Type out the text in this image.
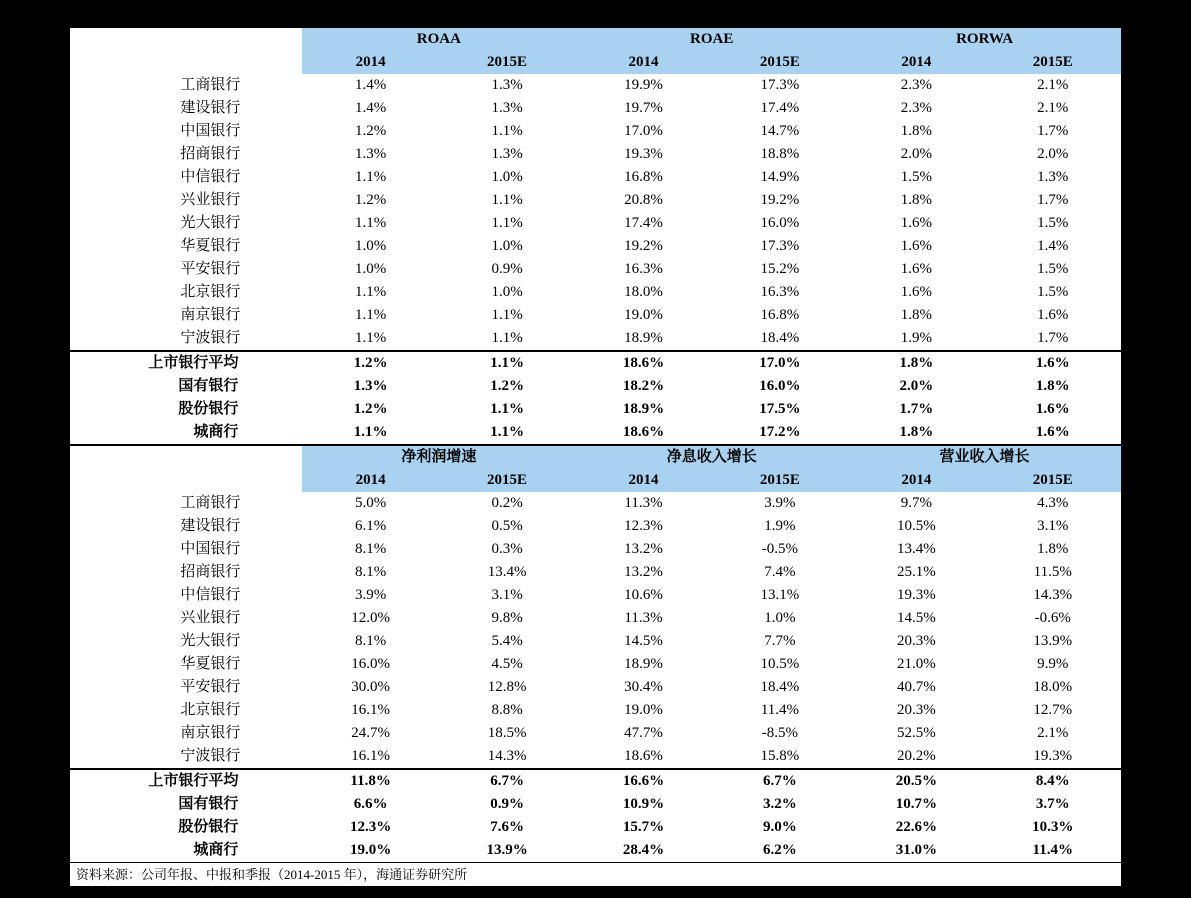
	ROAA		ROAE		RORWA	
	2014	2015E	2014	2015E	2014	2015E
工商银行	1.4%	1.3%	19.9%	17.3%	2.3%	2.1%
建设银行	1.4%	1.3%	19.7%	17.4%	2.3%	2.1%
中国银行	1.2%	1.1%	17.0%	14.7%	1.8%	1.7%
招商银行	1.3%	1.3%	19.3%	18.8%	2.0%	2.0%
中信银行	1.1%	1.0%	16.8%	14.9%	1.5%	1.3%
兴业银行	1.2%	1.1%	20.8%	19.2%	1.8%	1.7%
光大银行	1.1%	1.1%	17.4%	16.0%	1.6%	1.5%
华夏银行	1.0%	1.0%	19.2%	17.3%	1.6%	1.4%
平安银行	1.0%	0.9%	16.3%	15.2%	1.6%	1.5%
北京银行	1.1%	1.0%	18.0%	16.3%	1.6%	1.5%
南京银行	1.1%	1.1%	19.0%	16.8%	1.8%	1.6%
宁波银行	1.1%	1.1%	18.9%	18.4%	1.9%	1.7%
上市银行平均	1.2%	1.1%	18.6%	17.0%	1.8%	1.6%
国有银行	1.3%	1.2%	18.2%	16.0%	2.0%	1.8%
股份银行	1.2%	1.1%	18.9%	17.5%	1.7%	1.6%
城商行	1.1%	1.1%	18.6%	17.2%	1.8%	1.6%
	净利润增速		净息收入增长		营业收入增长	
	2014	2015E	2014	2015E	2014	2015E
工商银行	5.0%	0.2%	11.3%	3.9%	9.7%	4.3%
建设银行	6.1%	0.5%	12.3%	1.9%	10.5%	3.1%
中国银行	8.1%	0.3%	13.2%	-0.5%	13.4%	1.8%
招商银行	8.1%	13.4%	13.2%	7.4%	25.1%	11.5%
中信银行	3.9%	3.1%	10.6%	13.1%	19.3%	14.3%
兴业银行	12.0%	9.8%	11.3%	1.0%	14.5%	-0.6%
光大银行	8.1%	5.4%	14.5%	7.7%	20.3%	13.9%
华夏银行	16.0%	4.5%	18.9%	10.5%	21.0%	9.9%
平安银行	30.0%	12.8%	30.4%	18.4%	40.7%	18.0%
北京银行	16.1%	8.8%	19.0%	11.4%	20.3%	12.7%
南京银行	24.7%	18.5%	47.7%	-8.5%	52.5%	2.1%
宁波银行	16.1%	14.3%	18.6%	15.8%	20.2%	19.3%
上市银行平均	11.8%	6.7%	16.6%	6.7%	20.5%	8.4%
国有银行	6.6%	0.9%	10.9%	3.2%	10.7%	3.7%
股份银行	12.3%	7.6%	15.7%	9.0%	22.6%	10.3%
城商行	19.0%	13.9%	28.4%	6.2%	31.0%	11.4%
资料来源：公司年报、中报和季报（2014-2015 年），海通证券研究所						
